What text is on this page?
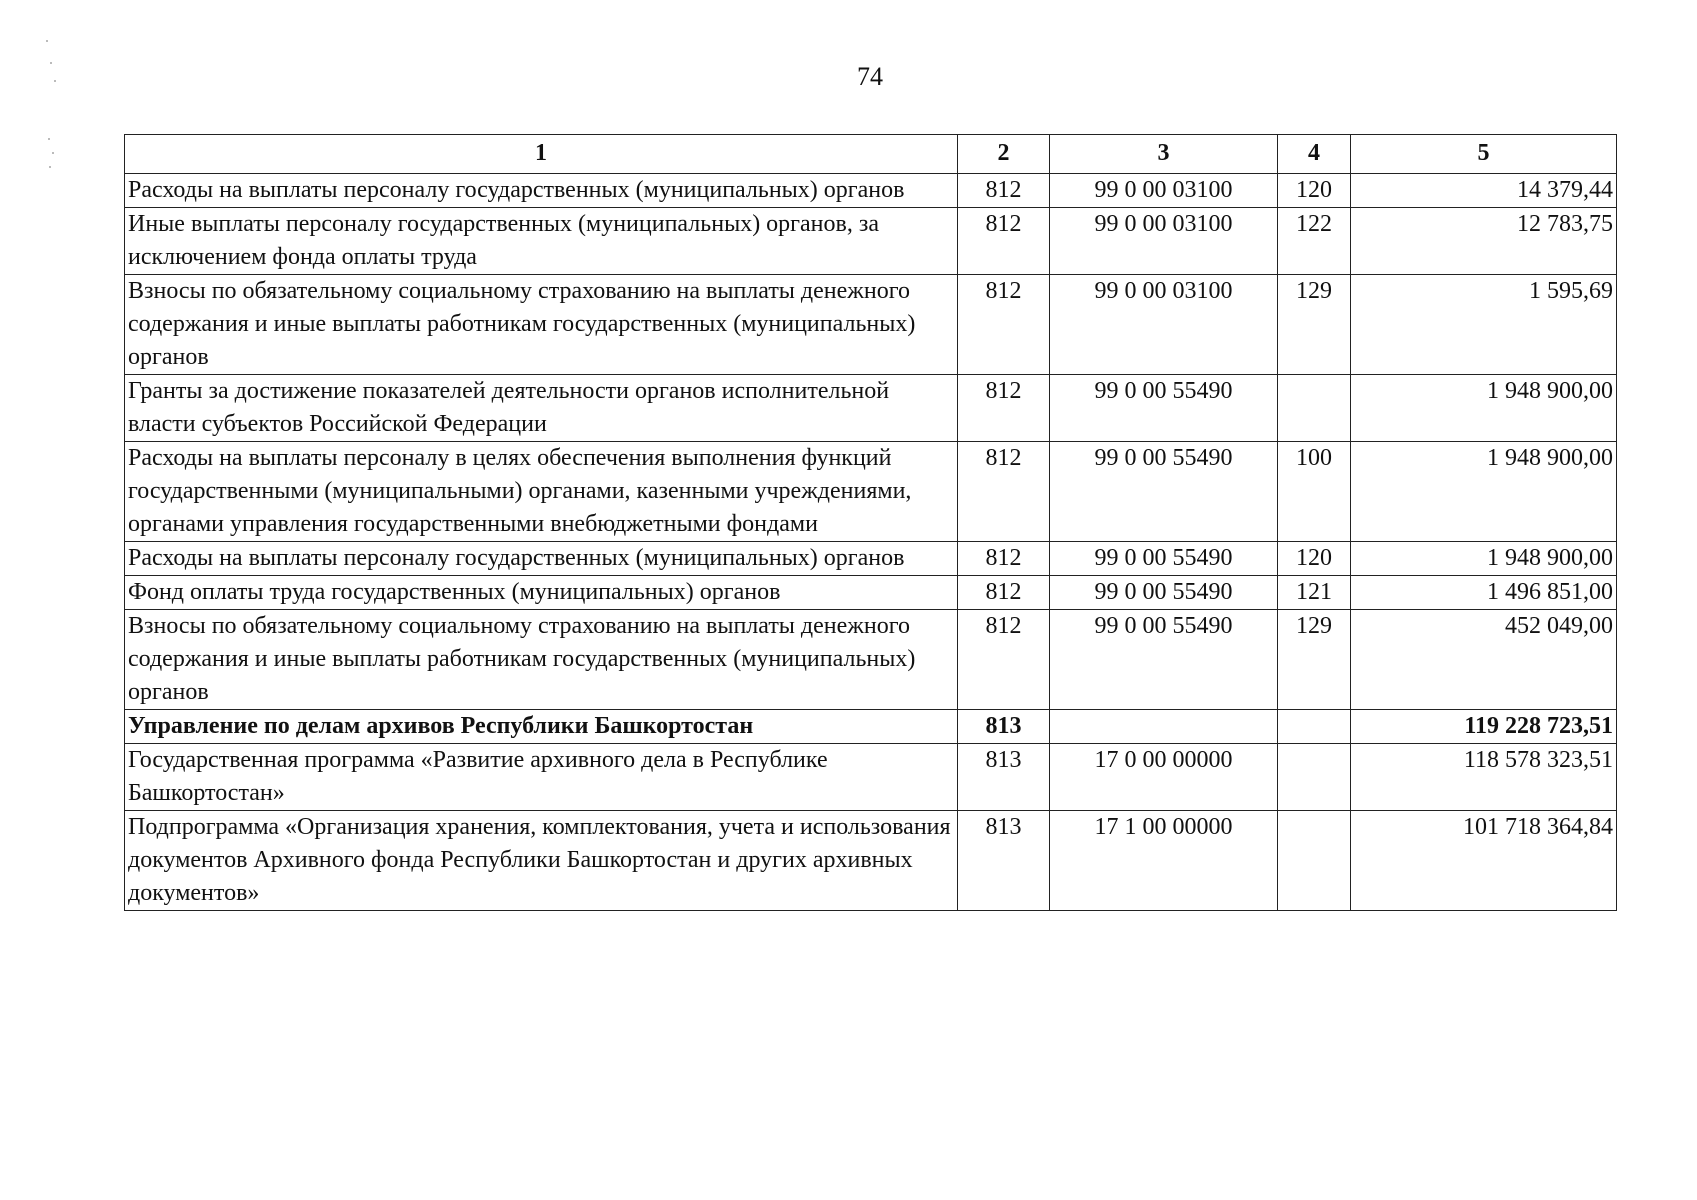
74
1	2	3	4	5
Расходы на выплаты персоналу государственных (муниципальных) органов	812	99 0 00 03100	120	14 379,44
Иные выплаты персоналу государственных (муниципальных) органов, за исключением фонда оплаты труда	812	99 0 00 03100	122	12 783,75
Взносы по обязательному социальному страхованию на выплаты денежного содержания и иные выплаты работникам государственных (муниципальных) органов	812	99 0 00 03100	129	1 595,69
Гранты за достижение показателей деятельности органов исполнительной власти субъектов Российской Федерации	812	99 0 00 55490		1 948 900,00
Расходы на выплаты персоналу в целях обеспечения выполнения функций государственными (муниципальными) органами, казенными учреждениями, органами управления государственными внебюджетными фондами	812	99 0 00 55490	100	1 948 900,00
Расходы на выплаты персоналу государственных (муниципальных) органов	812	99 0 00 55490	120	1 948 900,00
Фонд оплаты труда государственных (муниципальных) органов	812	99 0 00 55490	121	1 496 851,00
Взносы по обязательному социальному страхованию на выплаты денежного содержания и иные выплаты работникам государственных (муниципальных) органов	812	99 0 00 55490	129	452 049,00
Управление по делам архивов Республики Башкортостан	813			119 228 723,51
Государственная программа «Развитие архивного дела в Республике Башкортостан»	813	17 0 00 00000		118 578 323,51
Подпрограмма «Организация хранения, комплектования, учета и использования документов Архивного фонда Республики Башкортостан и других архивных документов»	813	17 1 00 00000		101 718 364,84
